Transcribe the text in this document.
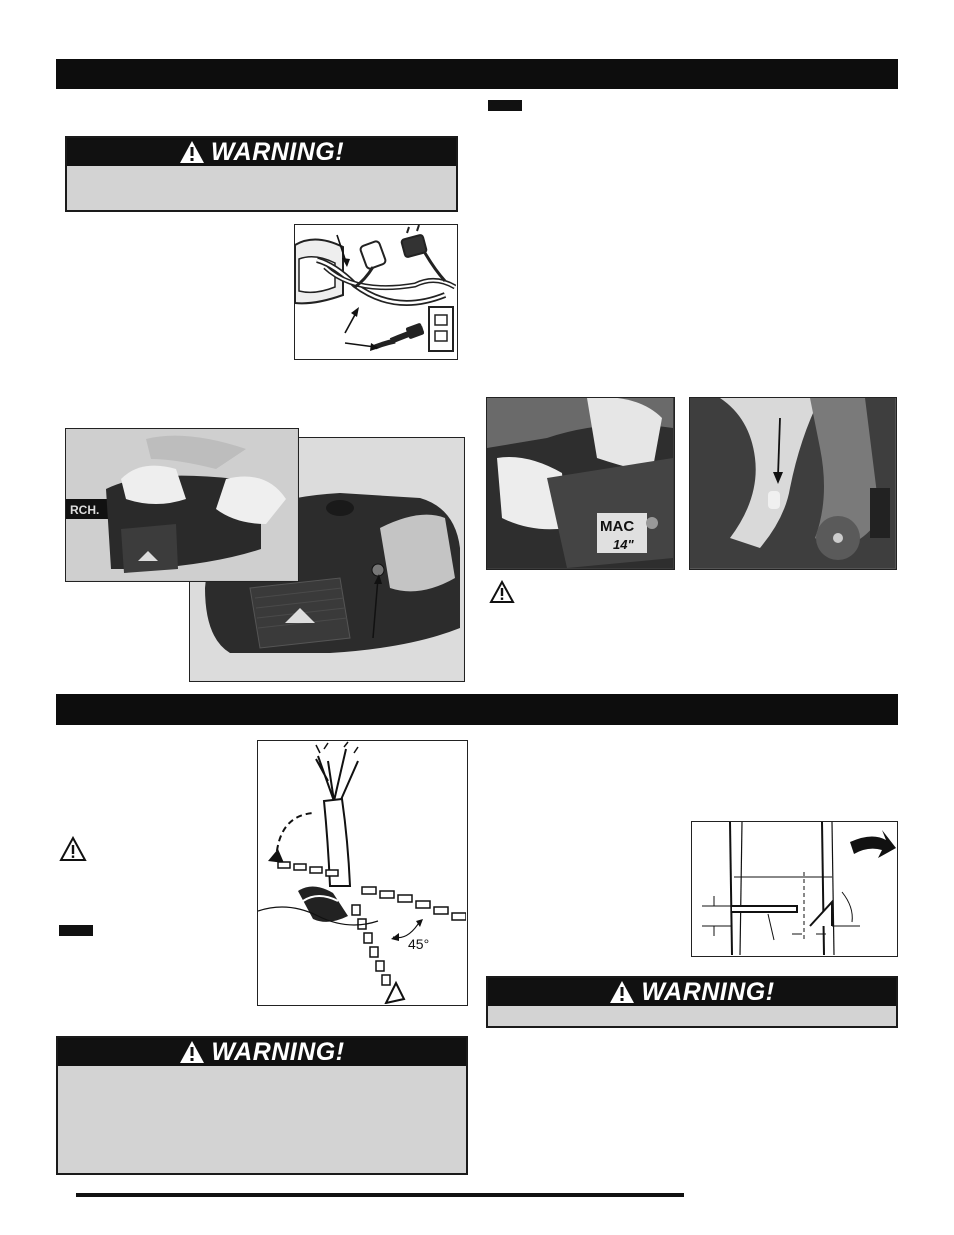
WARNING!
RCH.
MAC
14"
45°
WARNING!
WARNING!
